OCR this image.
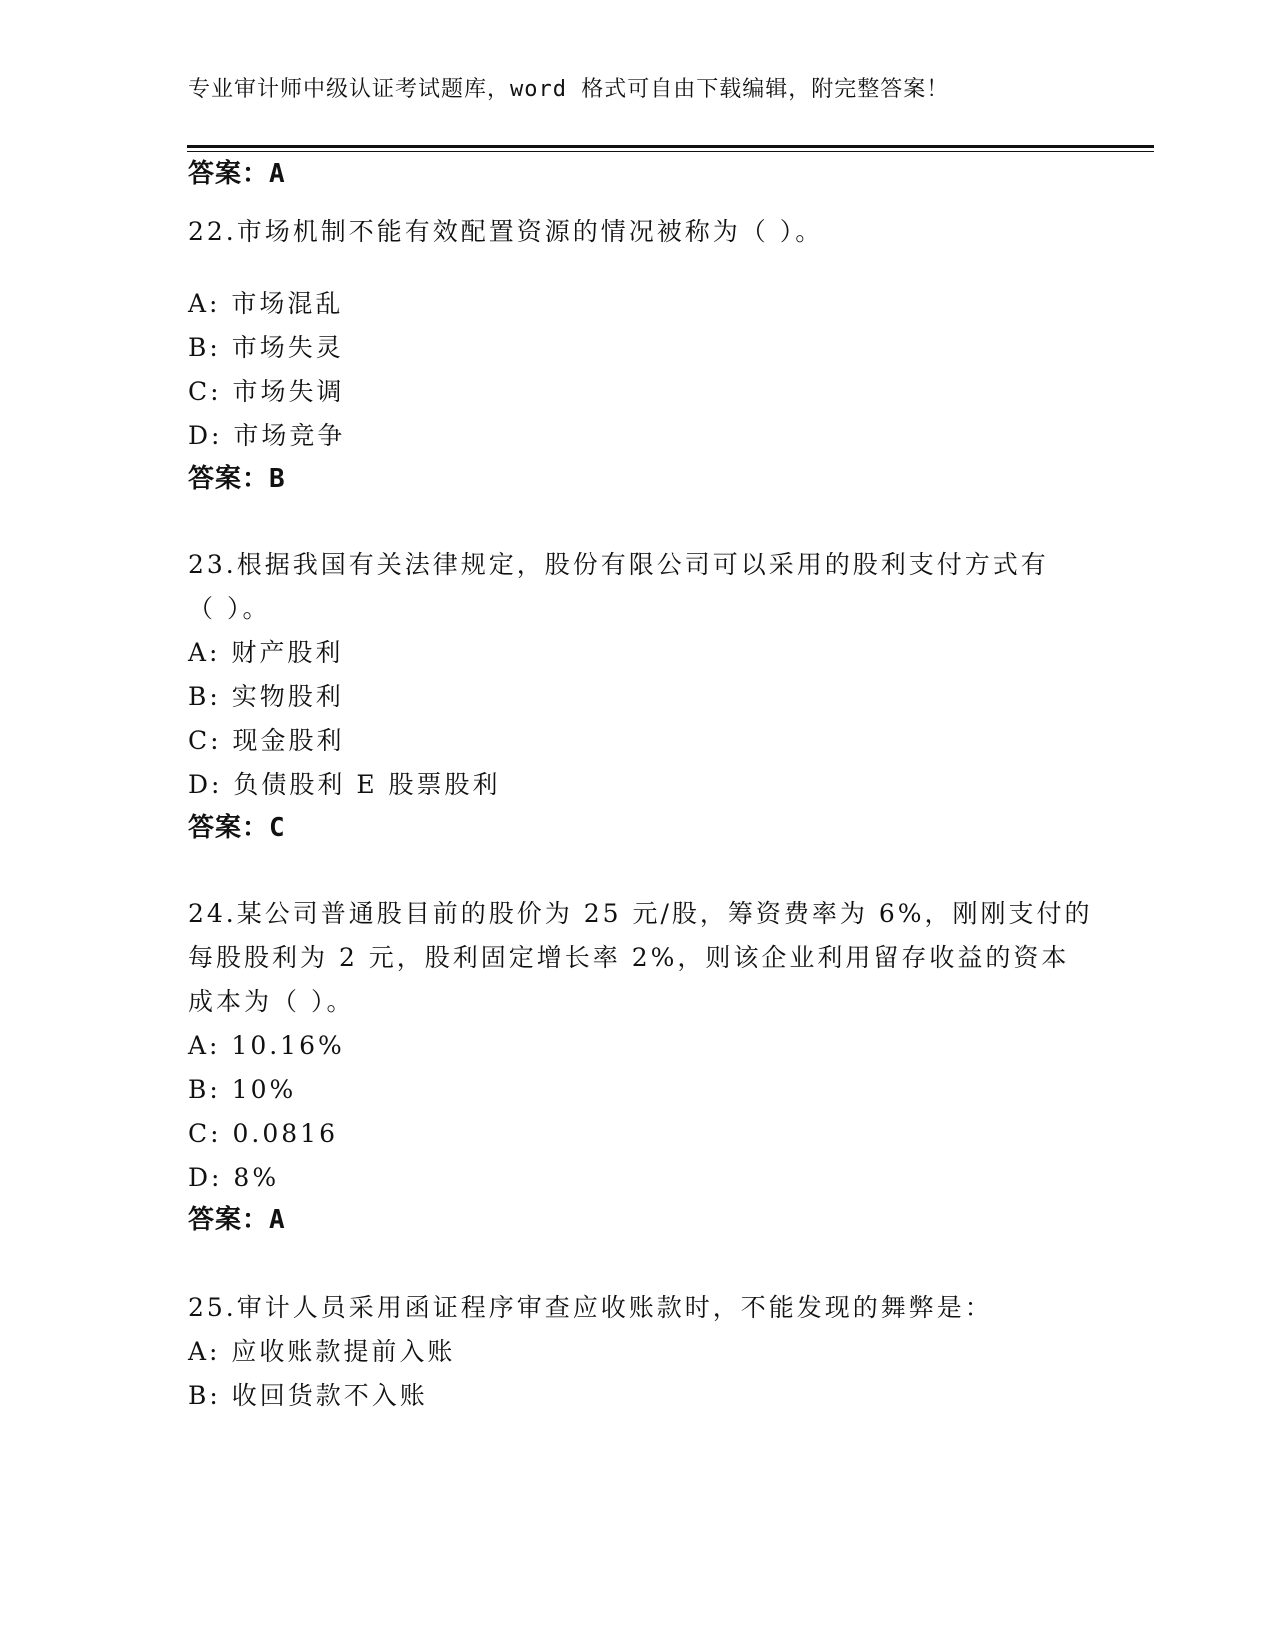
专业审计师中级认证考试题库，word 格式可自由下载编辑，附完整答案！
答案：A
22.市场机制不能有效配置资源的情况被称为（ ）。
A: 市场混乱
B: 市场失灵
C: 市场失调
D: 市场竞争
答案：B
23.根据我国有关法律规定，股份有限公司可以采用的股利支付方式有
（ ）。
A: 财产股利
B: 实物股利
C: 现金股利
D: 负债股利 E 股票股利
答案：C
24.某公司普通股目前的股价为 25 元/股，筹资费率为 6%，刚刚支付的
每股股利为 2 元，股利固定增长率 2%，则该企业利用留存收益的资本
成本为（ ）。
A: 10.16%
B: 10%
C: 0.0816
D: 8%
答案：A
25.审计人员采用函证程序审查应收账款时，不能发现的舞弊是：
A: 应收账款提前入账
B: 收回货款不入账
